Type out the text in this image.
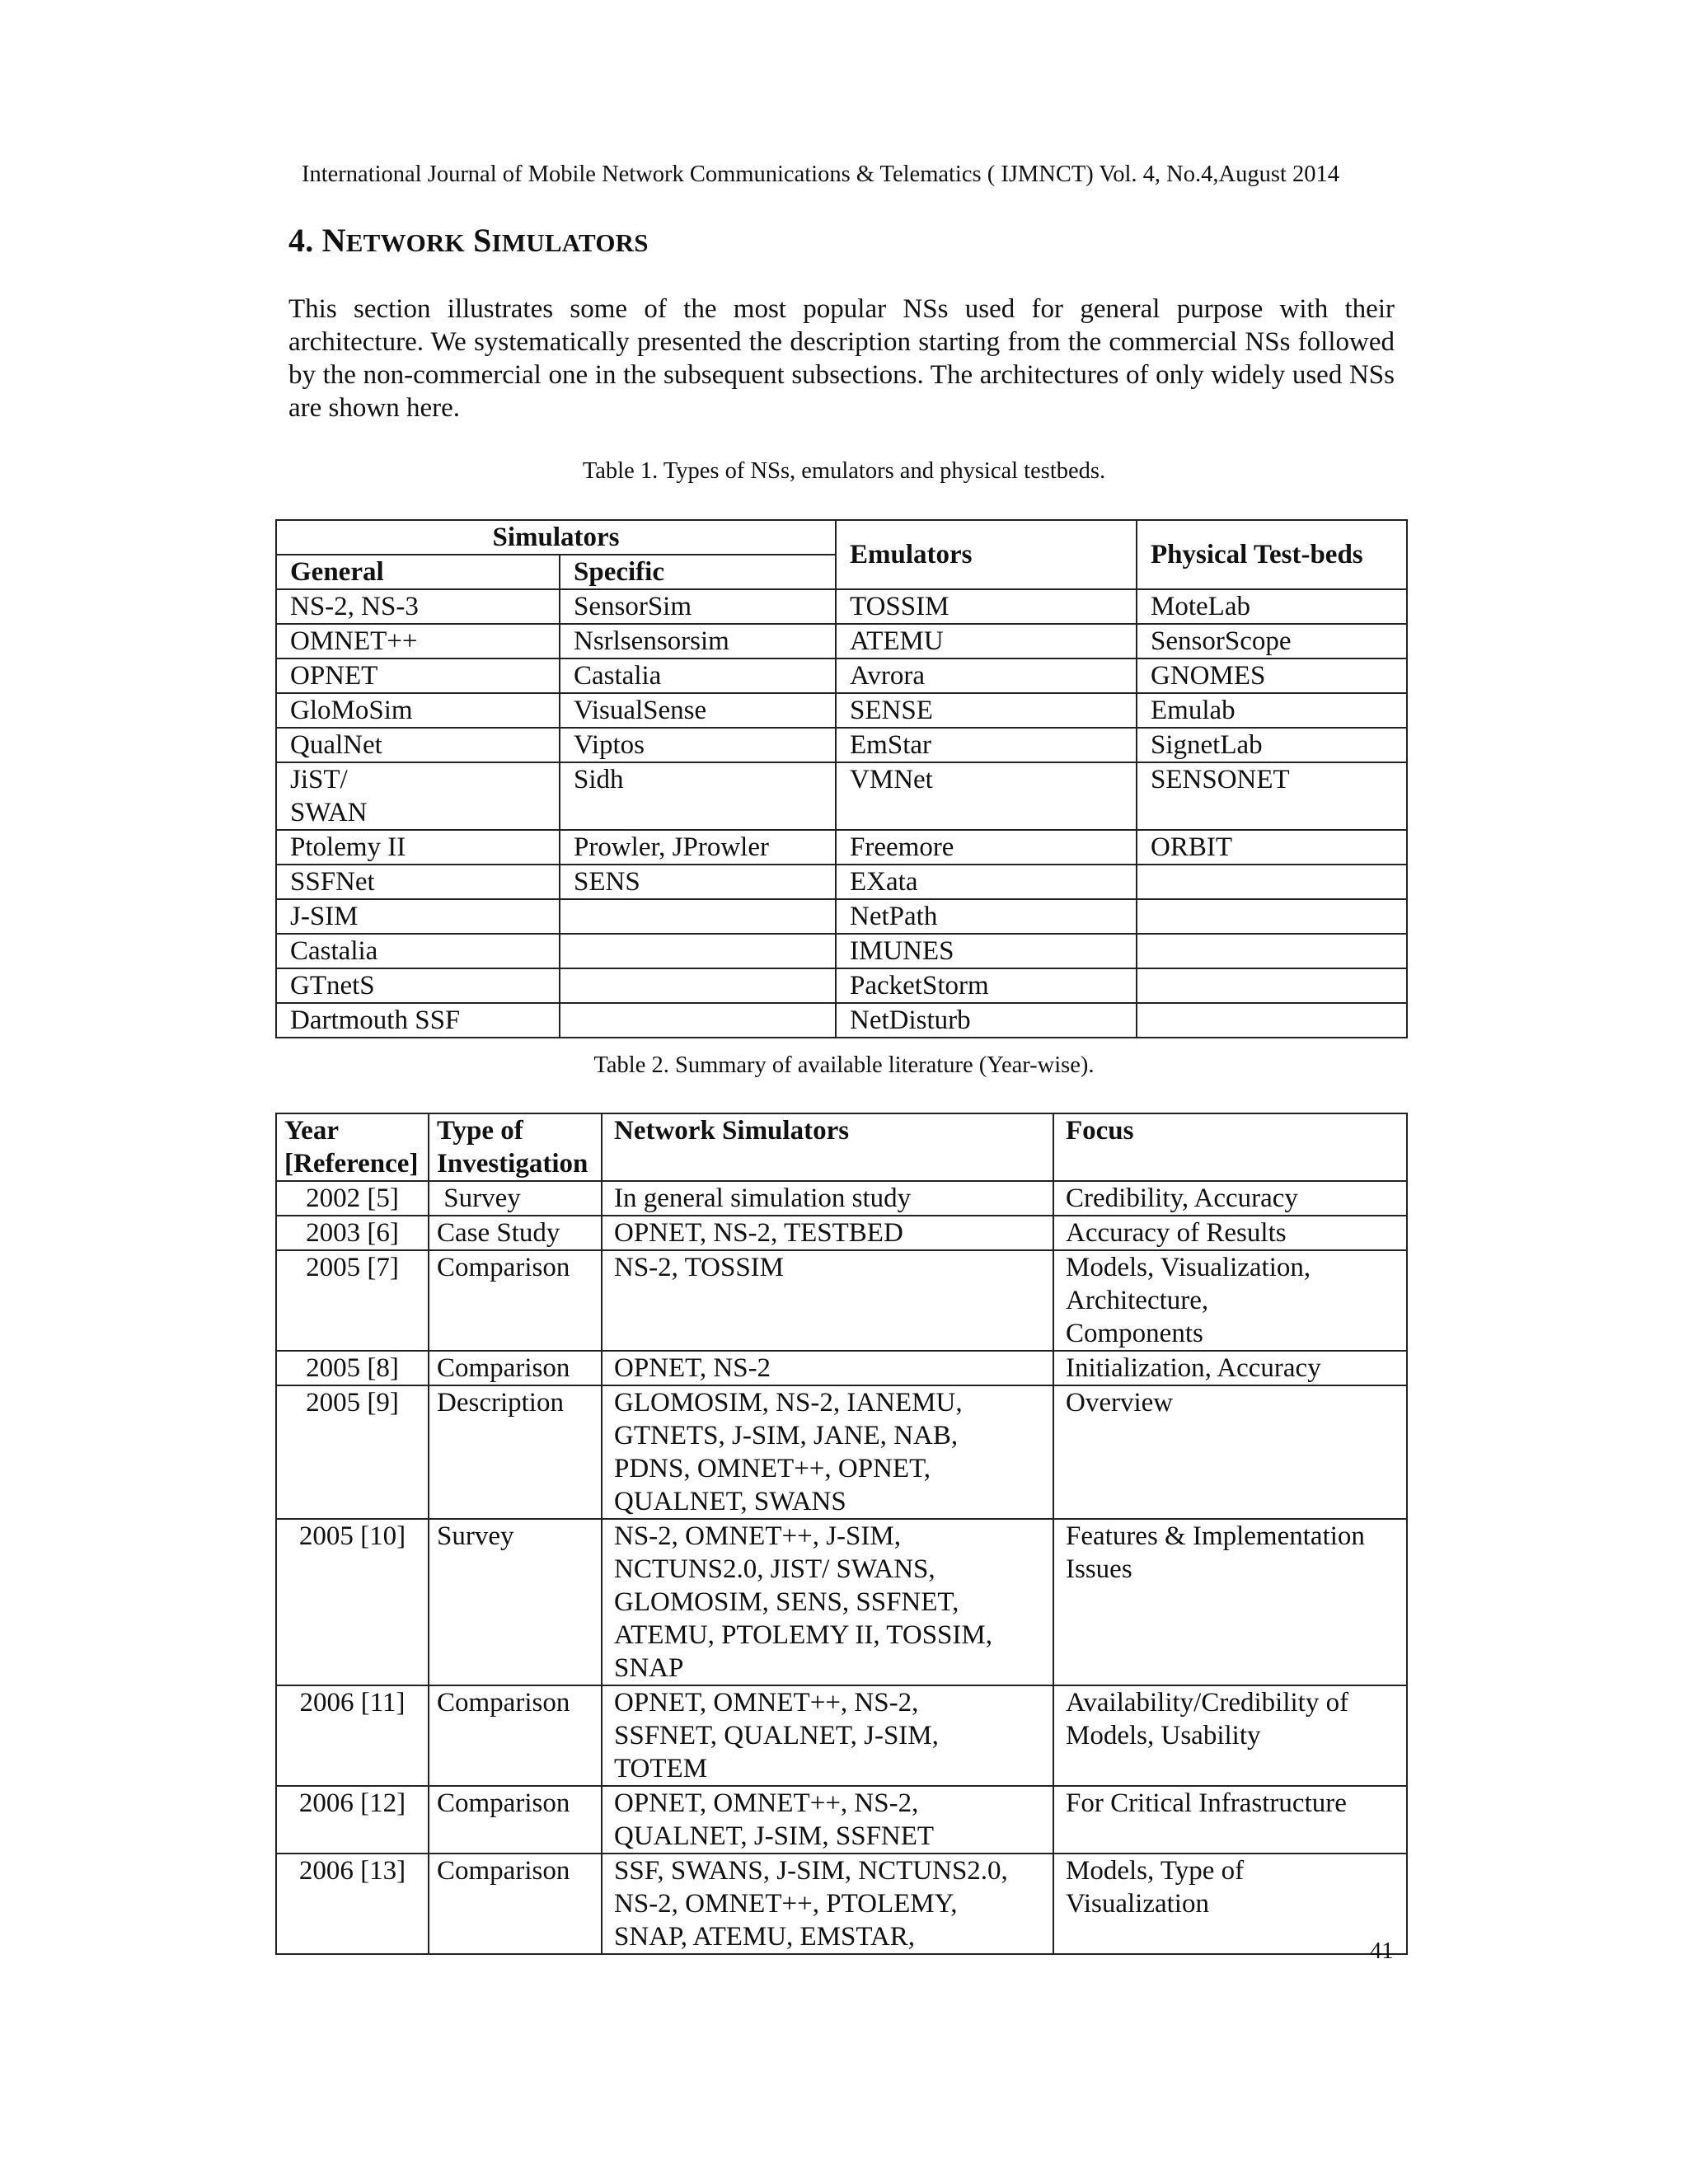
International Journal of Mobile Network Communications & Telematics ( IJMNCT) Vol. 4, No.4,August 2014
4. NETWORK SIMULATORS
This section illustrates some of the most popular NSs used for general purpose with their architecture. We systematically presented the description starting from the commercial NSs followed by the non-commercial one in the subsequent subsections. The architectures of only widely used NSs are shown here.
Table 1. Types of NSs, emulators and physical testbeds.
Simulators		Emulators	Physical Test-beds
General	Specific		
NS-2, NS-3	SensorSim	TOSSIM	MoteLab
OMNET++	Nsrlsensorsim	ATEMU	SensorScope
OPNET	Castalia	Avrora	GNOMES
GloMoSim	VisualSense	SENSE	Emulab
QualNet	Viptos	EmStar	SignetLab
JiST/
SWAN	Sidh	VMNet	SENSONET
Ptolemy II	Prowler, JProwler	Freemore	ORBIT
SSFNet	SENS	EXata	
J-SIM		NetPath	
Castalia		IMUNES	
GTnetS		PacketStorm	
Dartmouth SSF		NetDisturb	
Table 2. Summary of available literature (Year-wise).
Year
[Reference]	Type of
Investigation	Network Simulators	Focus
2002 [5]	Survey	In general simulation study	Credibility, Accuracy
2003 [6]	Case Study	OPNET, NS-2, TESTBED	Accuracy of Results
2005 [7]	Comparison	NS-2, TOSSIM	Models, Visualization,
Architecture,
Components
2005 [8]	Comparison	OPNET, NS-2	Initialization, Accuracy
2005 [9]	Description	GLOMOSIM, NS-2, IANEMU,
GTNETS, J-SIM, JANE, NAB,
PDNS, OMNET++, OPNET,
QUALNET, SWANS	Overview
2005 [10]	Survey	NS-2, OMNET++, J-SIM,
NCTUNS2.0, JIST/ SWANS,
GLOMOSIM, SENS, SSFNET,
ATEMU, PTOLEMY II, TOSSIM,
SNAP	Features & Implementation
Issues
2006 [11]	Comparison	OPNET, OMNET++, NS-2,
SSFNET, QUALNET, J-SIM,
TOTEM	Availability/Credibility of
Models, Usability
2006 [12]	Comparison	OPNET, OMNET++, NS-2,
QUALNET, J-SIM, SSFNET	For Critical Infrastructure
2006 [13]	Comparison	SSF, SWANS, J-SIM, NCTUNS2.0,
NS-2, OMNET++, PTOLEMY,
SNAP, ATEMU, EMSTAR,	Models, Type of
Visualization
41
